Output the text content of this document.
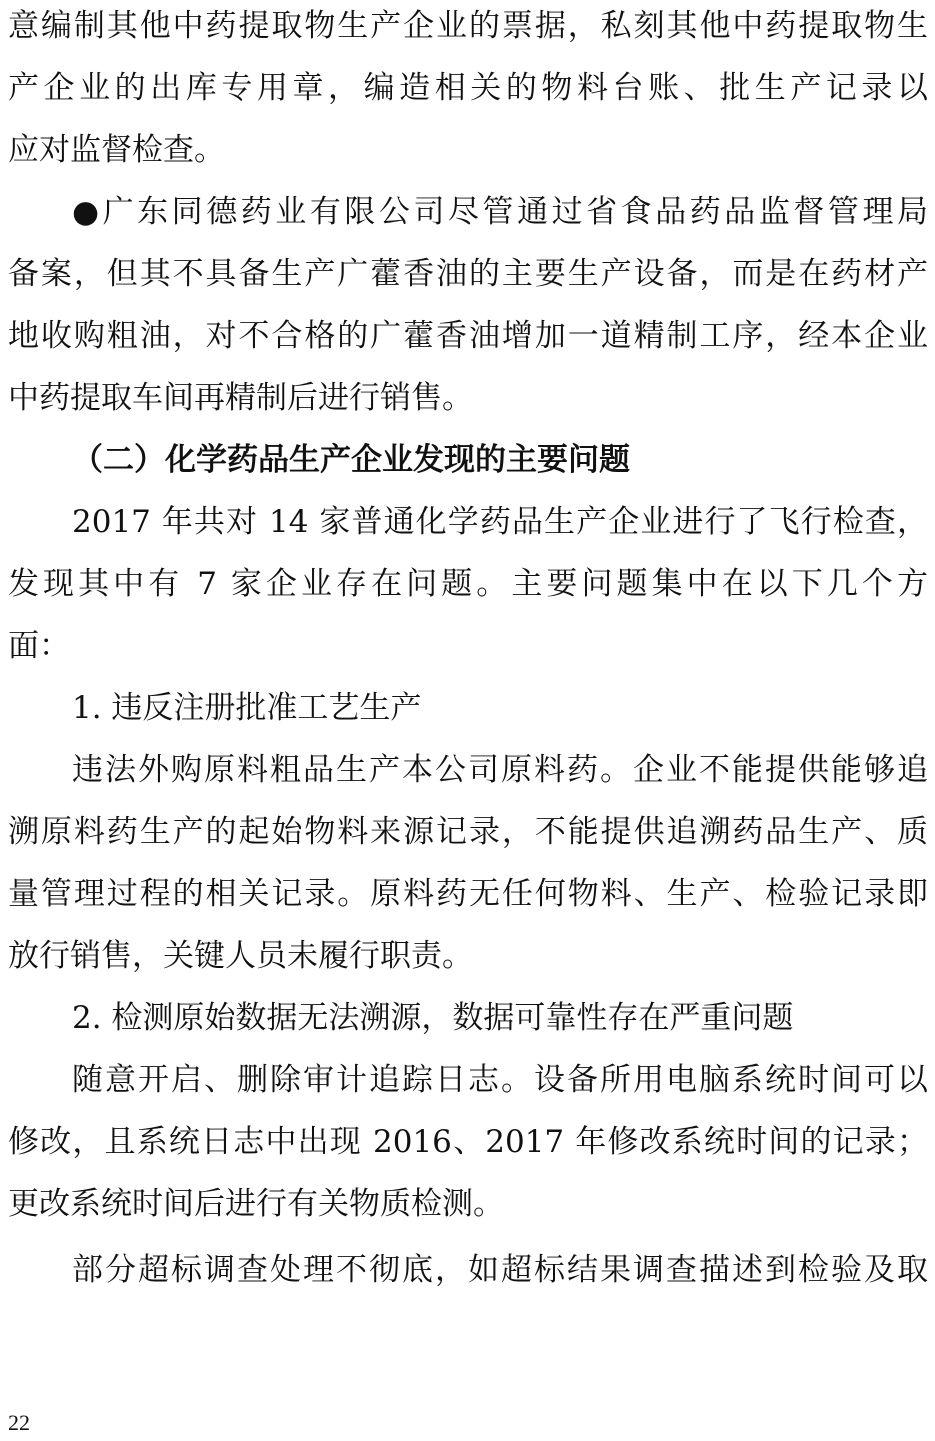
意编制其他中药提取物生产企业的票据，私刻其他中药提取物生
产企业的出库专用章，编造相关的物料台账、批生产记录以
应对监督检查。
●广东同德药业有限公司尽管通过省食品药品监督管理局
备案，但其不具备生产广藿香油的主要生产设备，而是在药材产
地收购粗油，对不合格的广藿香油增加一道精制工序，经本企业
中药提取车间再精制后进行销售。
（二）化学药品生产企业发现的主要问题
2017 年共对 14 家普通化学药品生产企业进行了飞行检查，
发现其中有 7 家企业存在问题。主要问题集中在以下几个方
面：
1. 违反注册批准工艺生产
违法外购原料粗品生产本公司原料药。企业不能提供能够追
溯原料药生产的起始物料来源记录，不能提供追溯药品生产、质
量管理过程的相关记录。原料药无任何物料、生产、检验记录即
放行销售，关键人员未履行职责。
2. 检测原始数据无法溯源，数据可靠性存在严重问题
随意开启、删除审计追踪日志。设备所用电脑系统时间可以
修改，且系统日志中出现 2016、2017 年修改系统时间的记录；
更改系统时间后进行有关物质检测。
部分超标调查处理不彻底，如超标结果调查描述到检验及取
22
